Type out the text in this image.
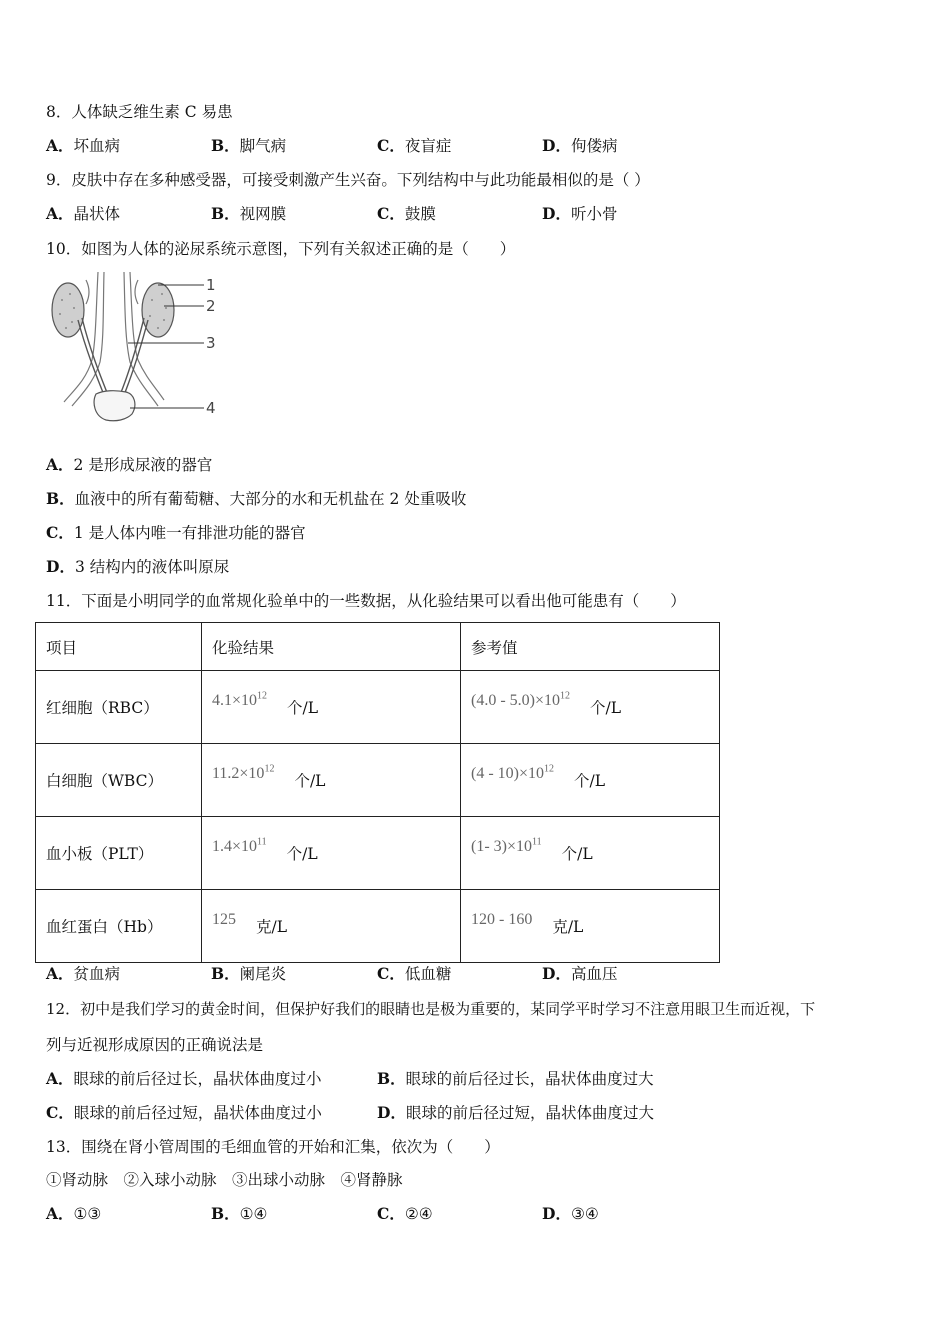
8．人体缺乏维生素 C 易患
A．坏血病	B．脚气病	C．夜盲症	D．佝偻病
9．皮肤中存在多种感受器，可接受刺激产生兴奋。下列结构中与此功能最相似的是（ ）
A．晶状体	B．视网膜	C．鼓膜	D．听小骨
10．如图为人体的泌尿系统示意图，下列有关叙述正确的是（　　）
1
2
3
4
A．2 是形成尿液的器官
B．血液中的所有葡萄糖、大部分的水和无机盐在 2 处重吸收
C．1 是人体内唯一有排泄功能的器官
D．3 结构内的液体叫原尿
11．下面是小明同学的血常规化验单中的一些数据，从化验结果可以看出他可能患有（　　）
项目	化验结果	参考值
红细胞（RBC）	$4.1\times 10^{12}$个/L	$(4.0 - 5.0)\times 10^{12}$个/L
白细胞（WBC）	$11.2\times 10^{12}$个/L	$(4 - 10)\times 10^{12}$个/L
血小板（PLT）	$1.4\times 10^{11}$个/L	(1- $3)\times 10^{11}$个/L
血红蛋白（Hb）	125 克/L	120 - 160 克/L
A．贫血病	B．阑尾炎	C．低血糖	D．高血压
12．初中是我们学习的黄金时间，但保护好我们的眼睛也是极为重要的，某同学平时学习不注意用眼卫生而近视，下
列与近视形成原因的正确说法是
A．眼球的前后径过长，晶状体曲度过小	B．眼球的前后径过长，晶状体曲度过大
C．眼球的前后径过短，晶状体曲度过小	D．眼球的前后径过短，晶状体曲度过大
13．围绕在肾小管周围的毛细血管的开始和汇集，依次为（　　）
①肾动脉　②入球小动脉　③出球小动脉　④肾静脉
A．①③	B．①④	C．②④	D．③④
